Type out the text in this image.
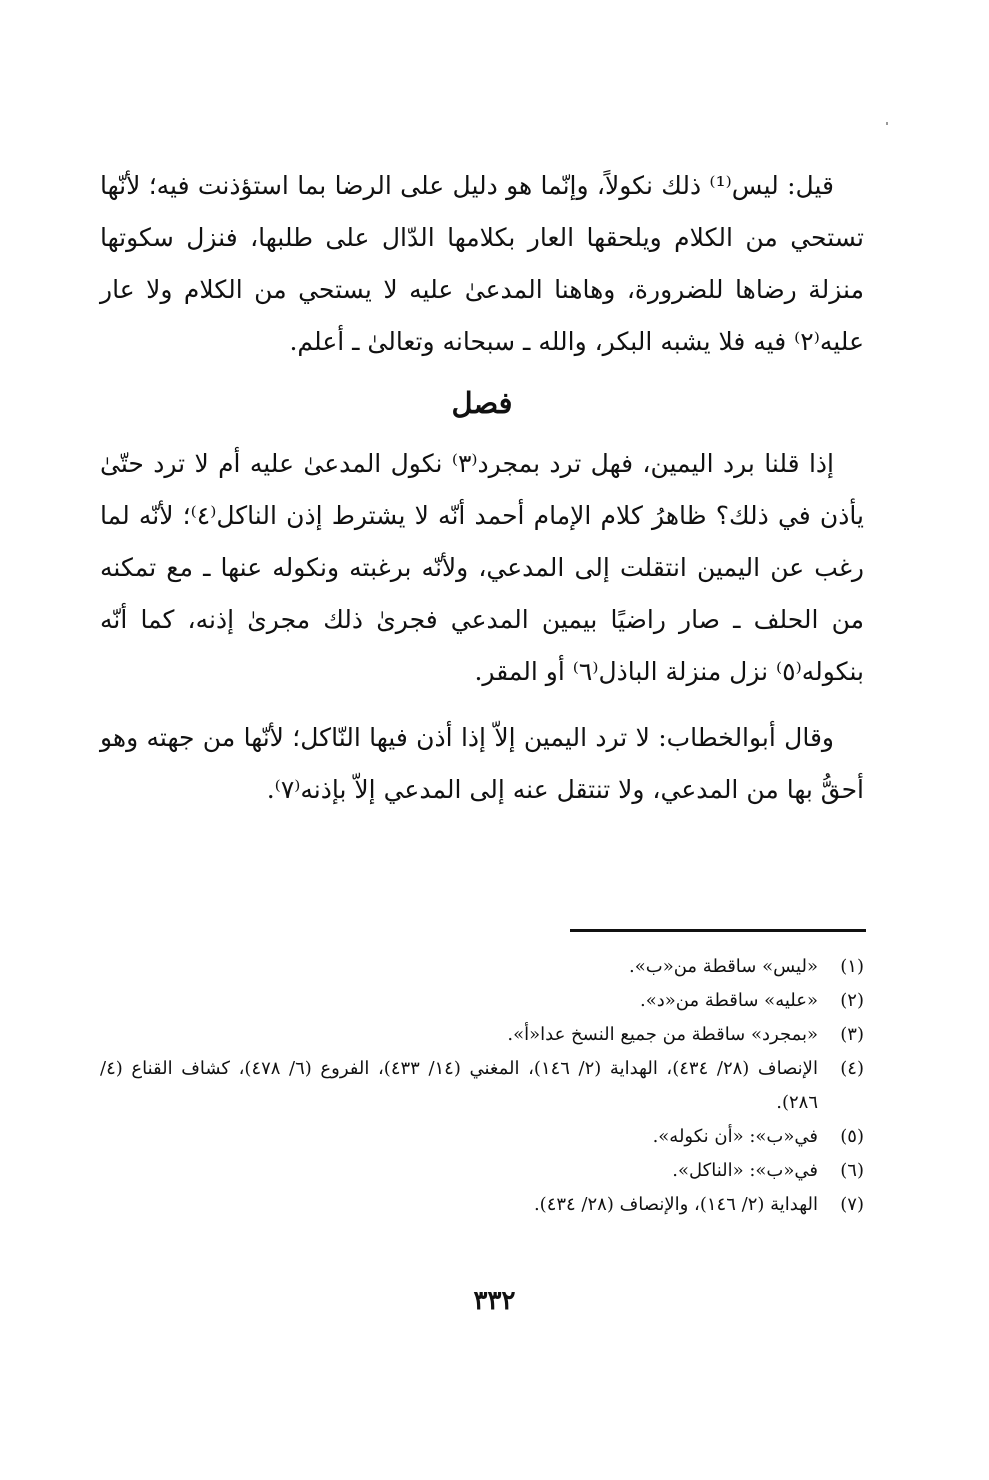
قيل: ليس⁽¹⁾ ذلك نكولاً، وإنّما هو دليل على الرضا بما استؤذنت فيه؛ لأنّها تستحي من الكلام ويلحقها العار بكلامها الدّال على طلبها، فنزل سكوتها منزلة رضاها للضرورة، وهاهنا المدعىٰ عليه لا يستحي من الكلام ولا عار عليه⁽٢⁾ فيه فلا يشبه البكر، والله ـ سبحانه وتعالىٰ ـ أعلم.

فصل

إذا قلنا برد اليمين، فهل ترد بمجرد⁽٣⁾ نكول المدعىٰ عليه أم لا ترد حتّىٰ يأذن في ذلك؟ ظاهرُ كلام الإمام أحمد أنّه لا يشترط إذن الناكل⁽٤⁾؛ لأنّه لما رغب عن اليمين انتقلت إلى المدعي، ولأنّه برغبته ونكوله عنها ـ مع تمكنه من الحلف ـ صار راضيًا بيمين المدعي فجرىٰ ذلك مجرىٰ إذنه، كما أنّه بنكوله⁽٥⁾ نزل منزلة الباذل⁽٦⁾ أو المقر.

وقال أبوالخطاب: لا ترد اليمين إلاّ إذا أذن فيها النّاكل؛ لأنّها من جهته وهو أحقُّ بها من المدعي، ولا تنتقل عنه إلى المدعي إلاّ بإذنه⁽٧⁾.

(١)
«ليس» ساقطة من«ب».
(٢)
«عليه» ساقطة من«د».
(٣)
«بمجرد» ساقطة من جميع النسخ عدا«أ».
(٤)
الإنصاف (٢٨/ ٤٣٤)، الهداية (٢/ ١٤٦)، المغني (١٤/ ٤٣٣)، الفروع (٦/ ٤٧٨)، كشاف القناع (٤/ ٢٨٦).
(٥)
في«ب»: «أن نكوله».
(٦)
في«ب»: «الناكل».
(٧)
الهداية (٢/ ١٤٦)، والإنصاف (٢٨/ ٤٣٤).
٣٣٢
